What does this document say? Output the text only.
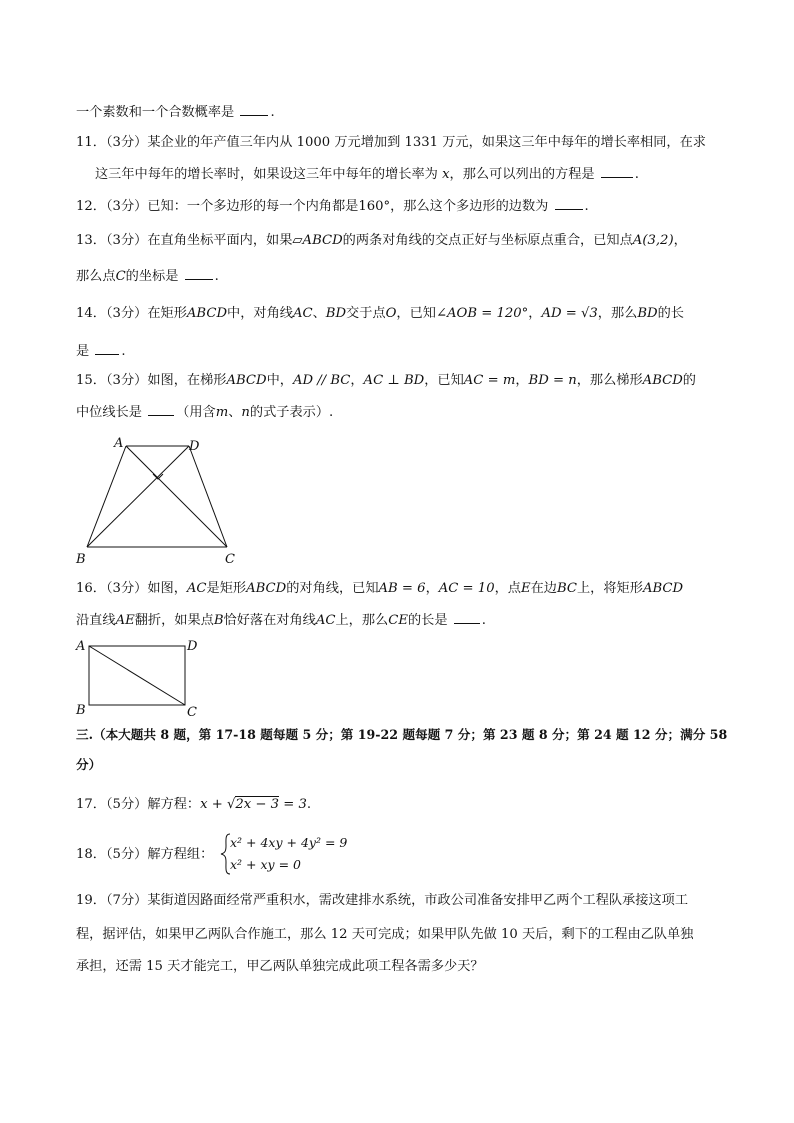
一个素数和一个合数概率是	.
11．（3分）某企业的年产值三年内从 1000 万元增加到 1331 万元，如果这三年中每年的增长率相同，在求
这三年中每年的增长率时，如果设这三年中每年的增长率为 x，那么可以列出的方程是	.
12．（3分）已知：一个多边形的每一个内角都是160°，那么这个多边形的边数为	.
13．（3分）在直角坐标平面内，如果▱ABCD的两条对角线的交点正好与坐标原点重合，已知点A(3,2)，
那么点C的坐标是	.
14．（3分）在矩形ABCD中，对角线AC、BD交于点O，已知∠AOB = 120°，AD = √3，那么BD的长
是 .
15．（3分）如图，在梯形ABCD中，AD // BC，AC ⊥ BD，已知AC = m，BD = n，那么梯形ABCD的
中位线长是	（用含m、n的式子表示）.
A	D
B	C
16．（3分）如图，AC是矩形ABCD的对角线，已知AB = 6，AC = 10，点E在边BC上，将矩形ABCD
沿直线AE翻折，如果点B恰好落在对角线AC上，那么CE的长是	.
A	D
B	C
三.（本大题共 8 题，第 17-18 题每题 5 分；第 19-22 题每题 7 分；第 23 题 8 分；第 24 题 12 分；满分 58
分）
17．（5分）解方程：x + √2x − 3 = 3.
18．（5分）解方程组：
x² + 4xy + 4y² = 9
x² + xy = 0
19．（7分）某街道因路面经常严重积水，需改建排水系统，市政公司准备安排甲乙两个工程队承接这项工
程，据评估，如果甲乙两队合作施工，那么 12 天可完成；如果甲队先做 10 天后，剩下的工程由乙队单独
承担，还需 15 天才能完工，甲乙两队单独完成此项工程各需多少天？
